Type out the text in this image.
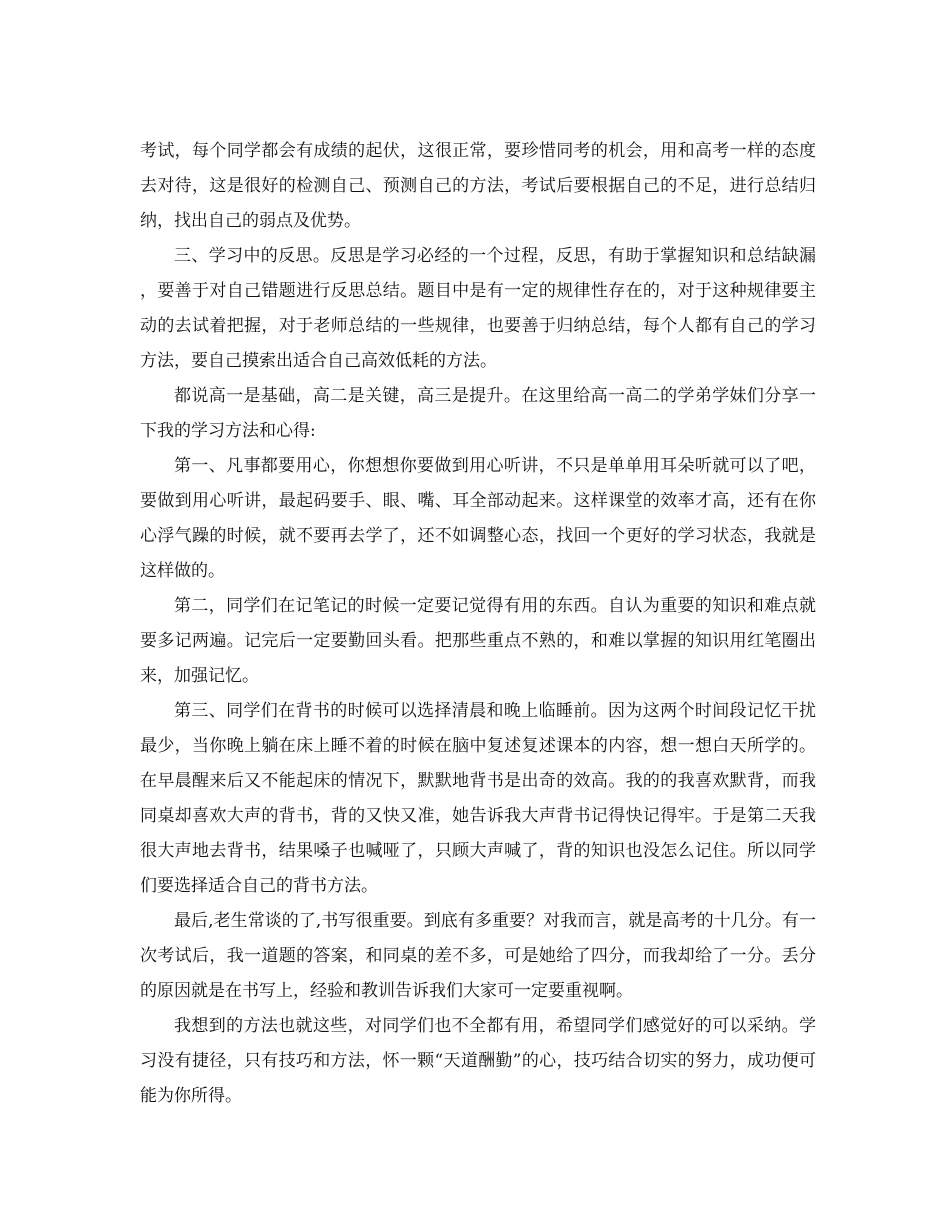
考试，每个同学都会有成绩的起伏，这很正常，要珍惜同考的机会，用和高考一样的态度去对待，这是很好的检测自己、预测自己的方法，考试后要根据自己的不足，进行总结归纳，找出自己的弱点及优势。

三、学习中的反思。反思是学习必经的一个过程，反思，有助于掌握知识和总结缺漏，要善于对自己错题进行反思总结。题目中是有一定的规律性存在的，对于这种规律要主动的去试着把握，对于老师总结的一些规律，也要善于归纳总结，每个人都有自己的学习方法，要自己摸索出适合自己高效低耗的方法。

都说高一是基础，高二是关键，高三是提升。在这里给高一高二的学弟学妹们分享一下我的学习方法和心得:

第一、凡事都要用心，你想想你要做到用心听讲，不只是单单用耳朵听就可以了吧，要做到用心听讲，最起码要手、眼、嘴、耳全部动起来。这样课堂的效率才高，还有在你心浮气躁的时候，就不要再去学了，还不如调整心态，找回一个更好的学习状态，我就是这样做的。

第二，同学们在记笔记的时候一定要记觉得有用的东西。自认为重要的知识和难点就要多记两遍。记完后一定要勤回头看。把那些重点不熟的，和难以掌握的知识用红笔圈出来，加强记忆。

第三、同学们在背书的时候可以选择清晨和晚上临睡前。因为这两个时间段记忆干扰最少，当你晚上躺在床上睡不着的时候在脑中复述复述课本的内容，想一想白天所学的。在早晨醒来后又不能起床的情况下，默默地背书是出奇的效高。我的的我喜欢默背，而我同桌却喜欢大声的背书，背的又快又准，她告诉我大声背书记得快记得牢。于是第二天我很大声地去背书，结果嗓子也喊哑了，只顾大声喊了，背的知识也没怎么记住。所以同学们要选择适合自己的背书方法。

最后,老生常谈的了,书写很重要。到底有多重要？对我而言，就是高考的十几分。有一次考试后，我一道题的答案，和同桌的差不多，可是她给了四分，而我却给了一分。丢分的原因就是在书写上，经验和教训告诉我们大家可一定要重视啊。

我想到的方法也就这些，对同学们也不全都有用，希望同学们感觉好的可以采纳。学习没有捷径，只有技巧和方法，怀一颗“天道酬勤”的心，技巧结合切实的努力，成功便可能为你所得。
